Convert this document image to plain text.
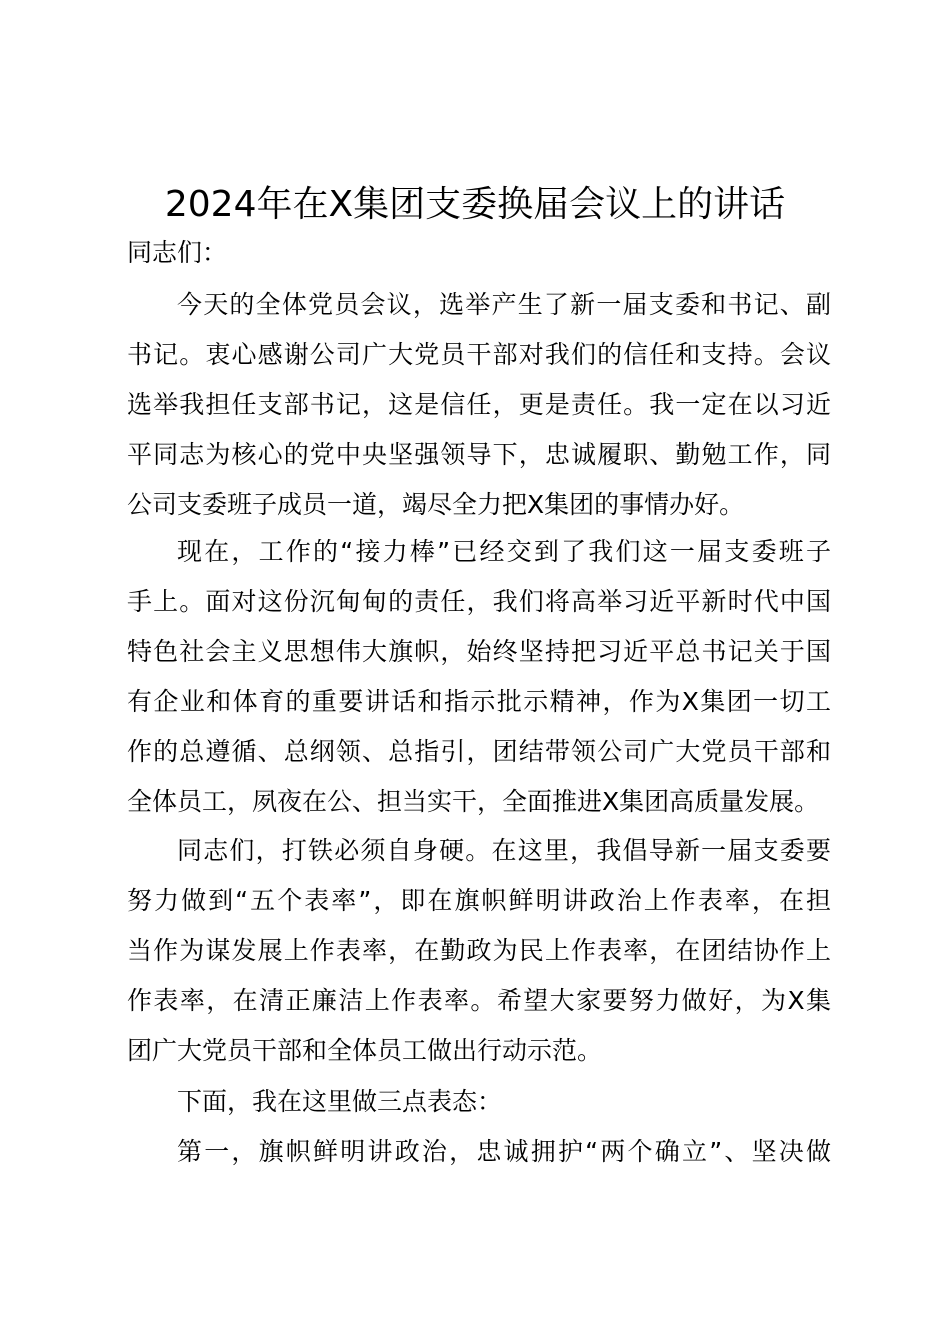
2024年在X集团支委换届会议上的讲话
同志们：
今天的全体党员会议，选举产生了新一届支委和书记、副
书记。衷心感谢公司广大党员干部对我们的信任和支持。会议
选举我担任支部书记，这是信任，更是责任。我一定在以习近
平同志为核心的党中央坚强领导下，忠诚履职、勤勉工作，同
公司支委班子成员一道，竭尽全力把X集团的事情办好。
现在，工作的“接力棒”已经交到了我们这一届支委班子
手上。面对这份沉甸甸的责任，我们将高举习近平新时代中国
特色社会主义思想伟大旗帜，始终坚持把习近平总书记关于国
有企业和体育的重要讲话和指示批示精神，作为X集团一切工
作的总遵循、总纲领、总指引，团结带领公司广大党员干部和
全体员工，夙夜在公、担当实干，全面推进X集团高质量发展。
同志们，打铁必须自身硬。在这里，我倡导新一届支委要
努力做到“五个表率”，即在旗帜鲜明讲政治上作表率，在担
当作为谋发展上作表率，在勤政为民上作表率，在团结协作上
作表率，在清正廉洁上作表率。希望大家要努力做好，为X集
团广大党员干部和全体员工做出行动示范。
下面，我在这里做三点表态：
第一，旗帜鲜明讲政治，忠诚拥护“两个确立”、坚决做
